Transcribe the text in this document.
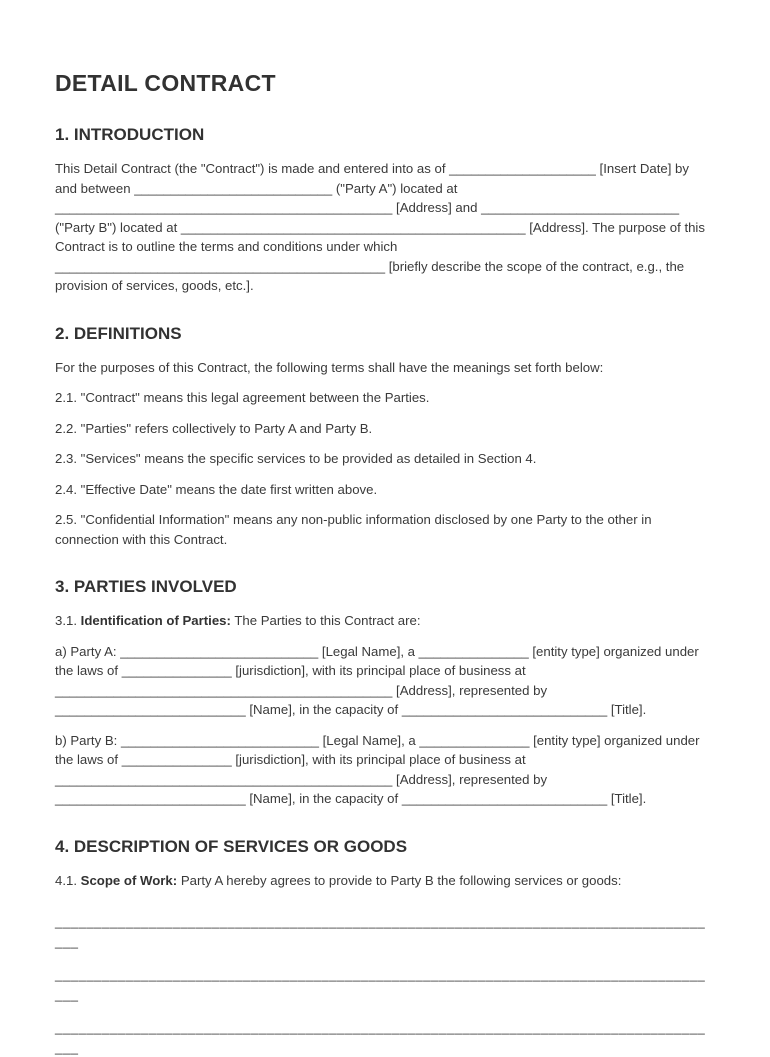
DETAIL CONTRACT
1. INTRODUCTION

This Detail Contract (the "Contract") is made and entered into as of ____________________ [Insert Date] by and between ___________________________ ("Party A") located at ______________________________________________ [Address] and ___________________________ ("Party B") located at _______________________________________________ [Address]. The purpose of this Contract is to outline the terms and conditions under which _____________________________________________ [briefly describe the scope of the contract, e.g., the provision of services, goods, etc.].

2. DEFINITIONS

For the purposes of this Contract, the following terms shall have the meanings set forth below:

2.1. "Contract" means this legal agreement between the Parties.

2.2. "Parties" refers collectively to Party A and Party B.

2.3. "Services" means the specific services to be provided as detailed in Section 4.

2.4. "Effective Date" means the date first written above.

2.5. "Confidential Information" means any non-public information disclosed by one Party to the other in connection with this Contract.

3. PARTIES INVOLVED

3.1. Identification of Parties: The Parties to this Contract are:

a) Party A: ___________________________ [Legal Name], a _______________ [entity type] organized under the laws of _______________ [jurisdiction], with its principal place of business at ______________________________________________ [Address], represented by __________________________ [Name], in the capacity of ____________________________ [Title].

b) Party B: ___________________________ [Legal Name], a _______________ [entity type] organized under the laws of _______________ [jurisdiction], with its principal place of business at ______________________________________________ [Address], represented by __________________________ [Name], in the capacity of ____________________________ [Title].

4. DESCRIPTION OF SERVICES OR GOODS

4.1. Scope of Work: Party A hereby agrees to provide to Party B the following services or goods:

______________________________________________________________________________________

______________________________________________________________________________________

______________________________________________________________________________________
